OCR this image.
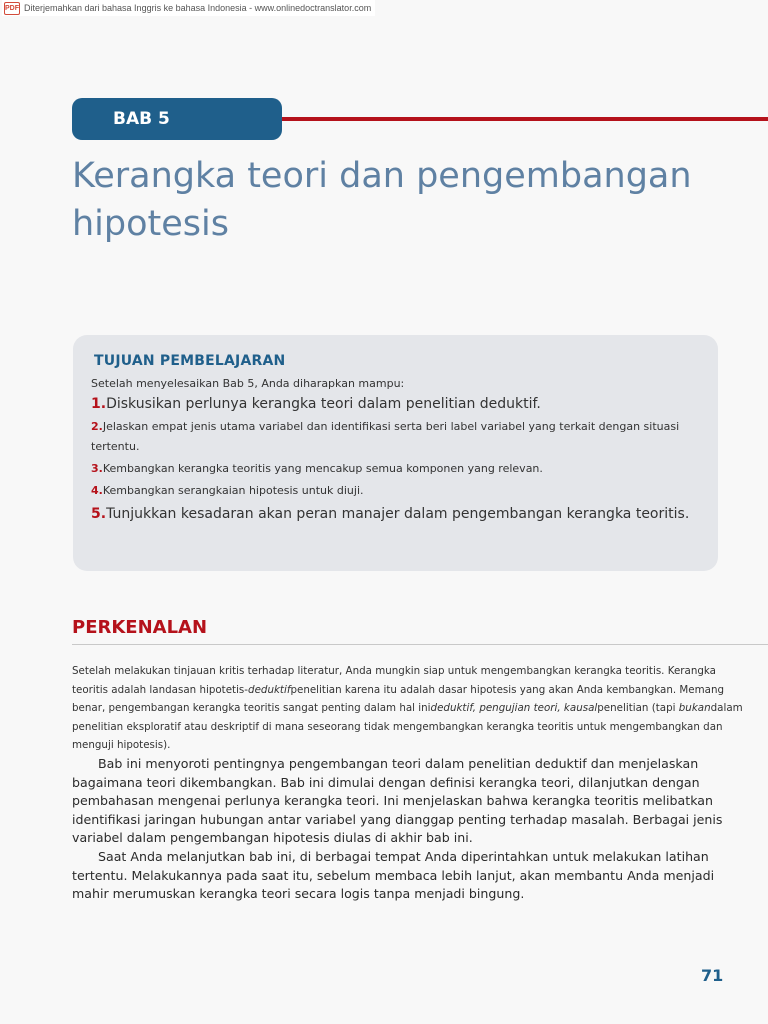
PDF Diterjemahkan dari bahasa Inggris ke bahasa Indonesia - www.onlinedoctranslator.com
BAB 5
Kerangka teori dan pengembangan hipotesis
TUJUAN PEMBELAJARAN
Setelah menyelesaikan Bab 5, Anda diharapkan mampu:
1.Diskusikan perlunya kerangka teori dalam penelitian deduktif.
2.Jelaskan empat jenis utama variabel dan identifikasi serta beri label variabel yang terkait dengan situasi tertentu.
3.Kembangkan kerangka teoritis yang mencakup semua komponen yang relevan.
4.Kembangkan serangkaian hipotesis untuk diuji.
5.Tunjukkan kesadaran akan peran manajer dalam pengembangan kerangka teoritis.
PERKENALAN

Setelah melakukan tinjauan kritis terhadap literatur, Anda mungkin siap untuk mengembangkan kerangka teoritis. Kerangka teoritis adalah landasan hipotetis-deduktifpenelitian karena itu adalah dasar hipotesis yang akan Anda kembangkan. Memang benar, pengembangan kerangka teoritis sangat penting dalam hal inideduktif, pengujian teori, kausalpenelitian (tapi bukandalam penelitian eksploratif atau deskriptif di mana seseorang tidak mengembangkan kerangka teoritis untuk mengembangkan dan menguji hipotesis).

Bab ini menyoroti pentingnya pengembangan teori dalam penelitian deduktif dan menjelaskan bagaimana teori dikembangkan. Bab ini dimulai dengan definisi kerangka teori, dilanjutkan dengan pembahasan mengenai perlunya kerangka teori. Ini menjelaskan bahwa kerangka teoritis melibatkan identifikasi jaringan hubungan antar variabel yang dianggap penting terhadap masalah. Berbagai jenis variabel dalam pengembangan hipotesis diulas di akhir bab ini.

Saat Anda melanjutkan bab ini, di berbagai tempat Anda diperintahkan untuk melakukan latihan tertentu. Melakukannya pada saat itu, sebelum membaca lebih lanjut, akan membantu Anda menjadi mahir merumuskan kerangka teori secara logis tanpa menjadi bingung.

71
